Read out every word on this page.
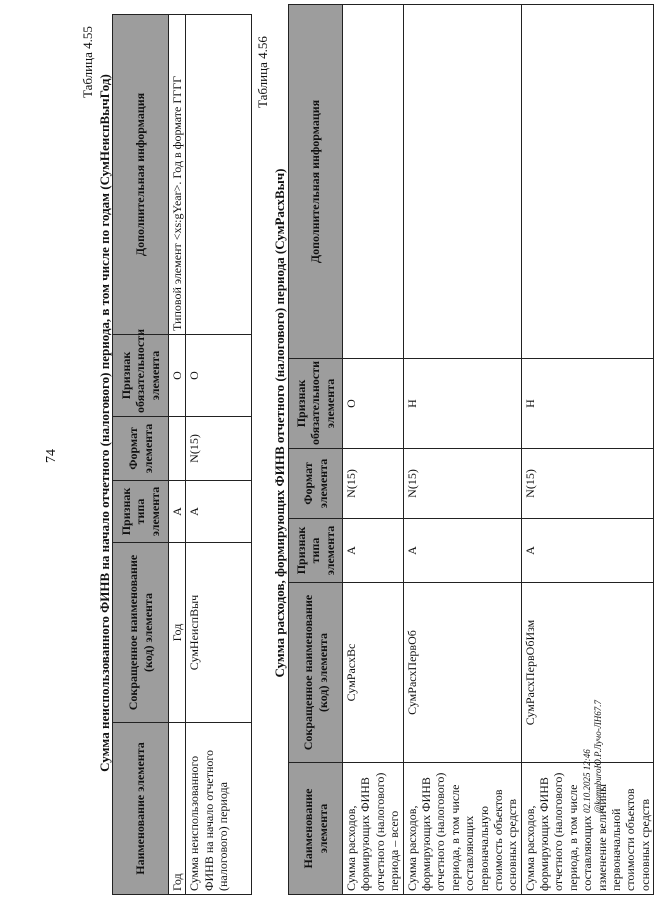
74
Таблица 4.55
Сумма неиспользованного ФИНВ на начало отчетного (налогового) периода, в том числе по годам (СумНеиспВычГод)
Наименование элемента	Сокращенное наименование (код) элемента	Признак типа элемента	Формат элемента	Признак обязательности элемента	Дополнительная информация
Год	Год	А		О	Типовой элемент <xs:gYear>. Год в формате ГГГГ
Сумма неиспользованного ФИНВ на начало отчетного (налогового) периода	СумНеиспВыч	А	N(15)	О	
Таблица 4.56
Сумма расходов, формирующих ФИНВ отчетного (налогового) периода (СумРасхВыч)
Наименование элемента	Сокращенное наименование (код) элемента	Признак типа элемента	Формат элемента	Признак обязательности элемента	Дополнительная информация
Сумма расходов, формирующих ФИНВ отчетного (налогового) периода – всего	СумРасхВс	А	N(15)	О	
Сумма расходов, формирующих ФИНВ отчетного (налогового) периода, в том числе составляющих первоначальную стоимость объектов основных средств	СумРасхПервОб	А	N(15)	Н	
Сумма расходов, формирующих ФИНВ отчетного (налогового) периода, в том числе составляющих изменение величины первоначальной стоимости объектов основных средств	СумРасхПервОбИзм	А	N(15)	Н	
02.10.2025 12:46 @kompburoЮ.Р.Лучо-ЛН67.7
